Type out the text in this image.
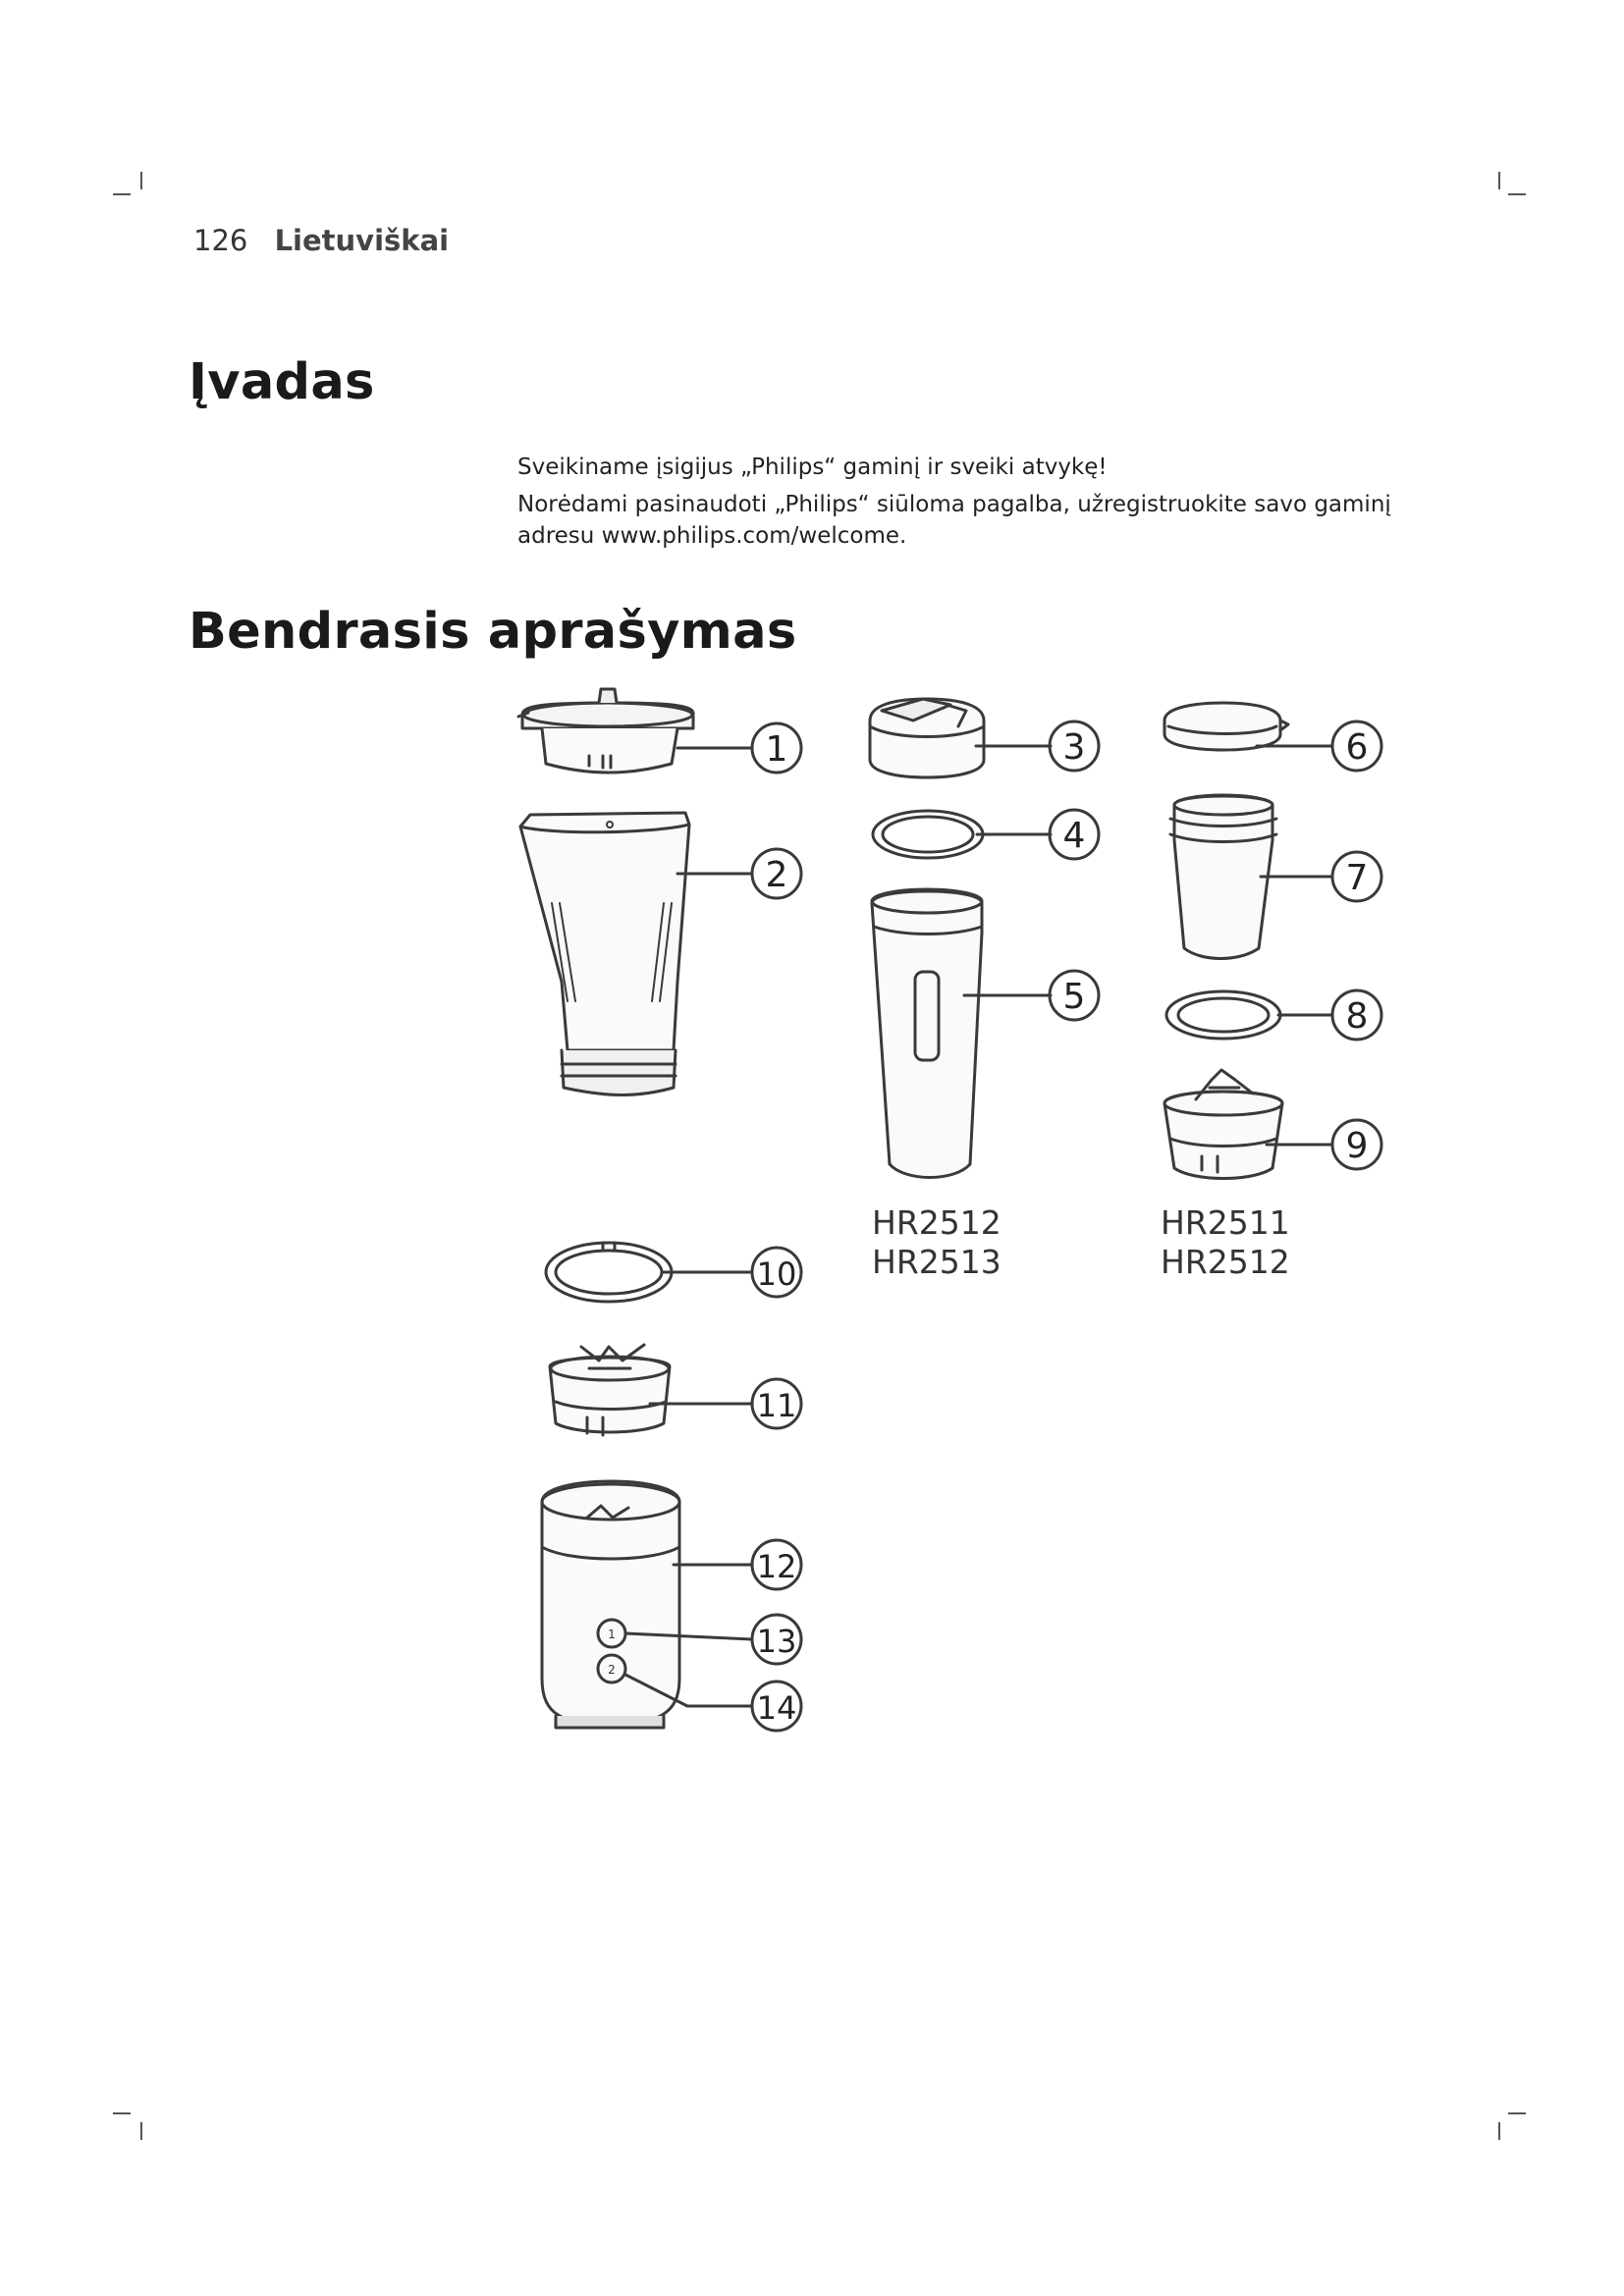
126 Lietuviškai
Įvadas
Sveikiname įsigijus „Philips“ gaminį ir sveiki atvykę!
Norėdami pasinaudoti „Philips“ siūloma pagalba, užregistruokite savo gaminį adresu www.philips.com/welcome.
Bendrasis aprašymas
1
2
1
2
3
4
5
6
7
8
9
10
11
12
13
14
HR2512
HR2513
HR2511
HR2512
